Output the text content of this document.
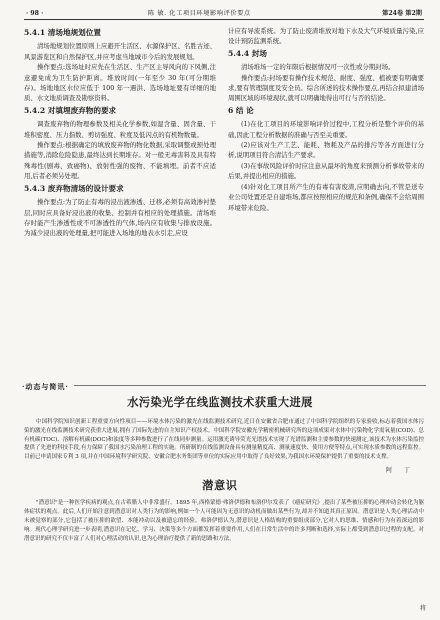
· 98 ·	陈 敏. 化工项目环境影响评价要点	第24卷 第2期
5.4.1 清场地规划位置

清场地规划位置原则上应避开生活区、水源保护区、名胜古迹、风景游览区和自然保护区,并应考虑当地城市今后的发展规划。

操作要点:选场址时应先在生活区、生产区主导风向的下风侧,注意避免成为卫生防护距离。堆放时间(一年至少 30 年(可分期堆存)。场地地区水位应低于 100 年一遇洪、选场地址要有详细的地质、水文地质调查及勘察资料。

5.4.2 对填埋废弃物的要求

调查废弃物的物理参数及相关化学参数,如湿含量、固含量、干堆积密度、压力指数、剪切强度、粒度及低闪点的有机物数量。

操作要点:根据确定的填放废弃物的物化数据,采取调整或预处理措施等,消除危险隐患,最终达到长期堆存。对一般无毒害料及具有特殊毒性(剧毒、致癌物)、放射性强的废物、不能填埋。前者不应适用,后者必须另处理。

5.4.3 废弃物清场的设计要求

操作要点:为了防止有毒的浸出液渗透、迁移,必须有高效渗衬垫层,同时应具备好浸出液的收集、控制并有相应的处理措施。清场堆存时能产生渗透性或不可渗透性的气体,场内应有收集与排放设施。为减少浸出液的处理量,把可能进入场地的地表水引走,应设

计应有导流系统。为了防止废渣堆放对地下水及大气环境质量污染,应设计预防监测系统。

5.4.4 封场

清场堆场一定的年限后根据情况可一次性或分期封场。

操作要点:封场要有操作技术规范、耐度、强度、植被要有明确要求,要有管理制度及安全员。综合所述的技术操作要点,再结合拟建清场周围区域的环境现状,就可以明确地得出可行与否的结论。

6 结 论

(1)在化工项目的环境影响评价过程中,工程分析是整个评价的基础,因此工程分析数据的准确与否至关重要。

(2)应该对生产工艺、能耗、物耗及产品的排污等各方面进行分析,说明项目符合清洁生产要求。

(3)在事故风险评价时应注意从最坏的角度来预测分析事故带来的后果,并提出相应的措施。

(4)针对化工项目所产生的有毒有害废渣,应明确去向,不管是送专业公司处置还是自建堆场,都应按照相应的规范和条例,确保不会给周围环境带来危险。

·动态与简讯·
水污染光学在线监测技术获重大进展

中国科学院知识创新工程重要方向性项目——环境水体污染的激光在线监测技术研究,近日在安徽省合肥市通过了中国科学院组织的专家验收,标志着我国水体污染的激光在线监测技术研究获重大进展,拥有了国际先进的自主知识产权技术。中国科学院安徽光学精密机械研究所的这项成果对水体中污染物化学需氧量(COD)、总有机碳(TOC)、溶解有机碳(DOC)和浊度等多种参数进行了在线同步测量。运用激光诱导荧光光谱技术实现了光谱监测和主要参数的快速测定,该技术为水体污染监控提供了先进的科技手段,有力保障了我国水污染治理工程的实施。所研制的在线监测设备具有测量精度高、测量速度快、使用方便等特点,可实现水质参数的远程监控。目前已申请国家专利 3 项,并在中国环境科学研究院、安徽合肥水务集团等单位的实际应用中取得了良好效果,为我国水环境保护提供了重要的技术支撑。

阿 丁
潜意识

"潜意识"是一种医学疾病的观点,在古希腊人中非常盛行。1895 年,西格蒙德·弗洛伊德和布洛伊尔发表了《癔症研究》,提出了某些被压抑的心理冲动会转化为躯体症状的观点。此后,人们开始注意到潜意识对人类行为的影响,例如一个人可能因为无意识的动机而做出某些行为,却并不知道其真正原因。潜意识是人类心理活动中未被觉察的部分,它包括了被压抑的欲望、本能冲动以及被遗忘的经验。弗洛伊德认为,潜意识是人格结构的重要组成部分,它对人的思维、情感和行为有着深远的影响。现代心理学研究进一步表明,潜意识在记忆、学习、决策等多个方面都发挥着重要作用,人们在日常生活中的许多判断和选择,实际上都受到潜意识过程的支配。对潜意识的研究不仅丰富了人们对心理活动的认识,也为心理治疗提供了新的思路和方法。

将
